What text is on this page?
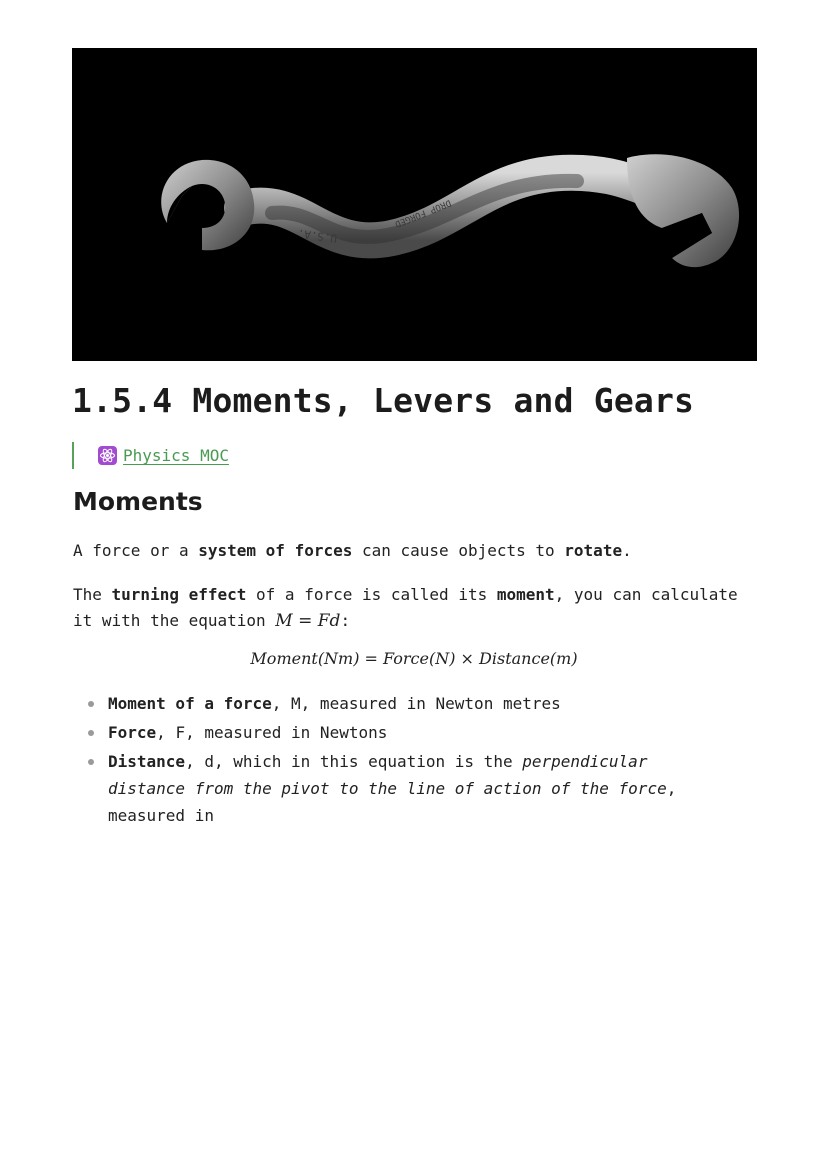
U.S.A.
DROP FORGED
1.5.4 Moments, Levers and Gears
Physics MOC
Moments

A force or a system of forces can cause objects to rotate.

The turning effect of a force is called its moment, you can calculate it with the equation M = Fd:

Moment(Nm) = Force(N) × Distance(m)
Moment of a force, M, measured in Newton metres
Force, F, measured in Newtons
Distance, d, which in this equation is the perpendicular distance from the pivot to the line of action of the force, measured in
